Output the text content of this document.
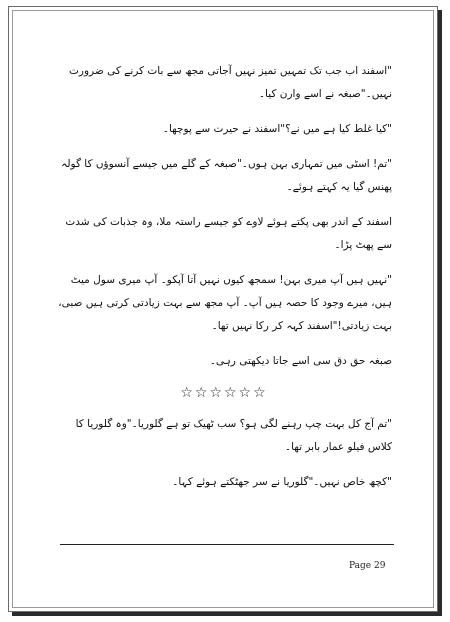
"اسفند اب جب تک تمہیں تمیز نہیں آجاتی مجھ سے بات کرنے کی ضرورت نہیں۔"صبغہ نے اسے وارن کیا۔

"کیا غلط کیا ہے میں نے؟"اسفند نے حیرت سے پوچھا۔

"تم! اسٹی میں تمہاری بہن ہوں۔"صبغہ کے گلے میں جیسے آنسوؤں کا گولہ پھنس گیا یہ کہتے ہوئے۔

اسفند کے اندر بھی پکتے ہوئے لاوے کو جیسے راستہ ملا، وہ جذبات کی شدت سے پھٹ پڑا۔

"نہیں ہیں آپ میری بہن! سمجھ کیوں نہیں آتا آپکو۔ آپ میری سول میٹ ہیں، میرے وجود کا حصہ ہیں آپ۔ آپ مجھ سے بہت زیادتی کرتی ہیں صبی، بہت زیادتی!"اسفند کہہ کر رکا نہیں تھا۔

صبغہ حق دق سی اسے جاتا دیکھتی رہی۔

☆☆☆☆☆☆

"تم آج کل بہت چپ رہنے لگی ہو؟ سب ٹھیک تو ہے گلوریا۔"وہ گلوریا کا کلاس فیلو عمار بابر تھا۔

"کچھ خاص نہیں۔"گلوریا نے سر جھٹکتے ہوئے کہا۔

Page 29
